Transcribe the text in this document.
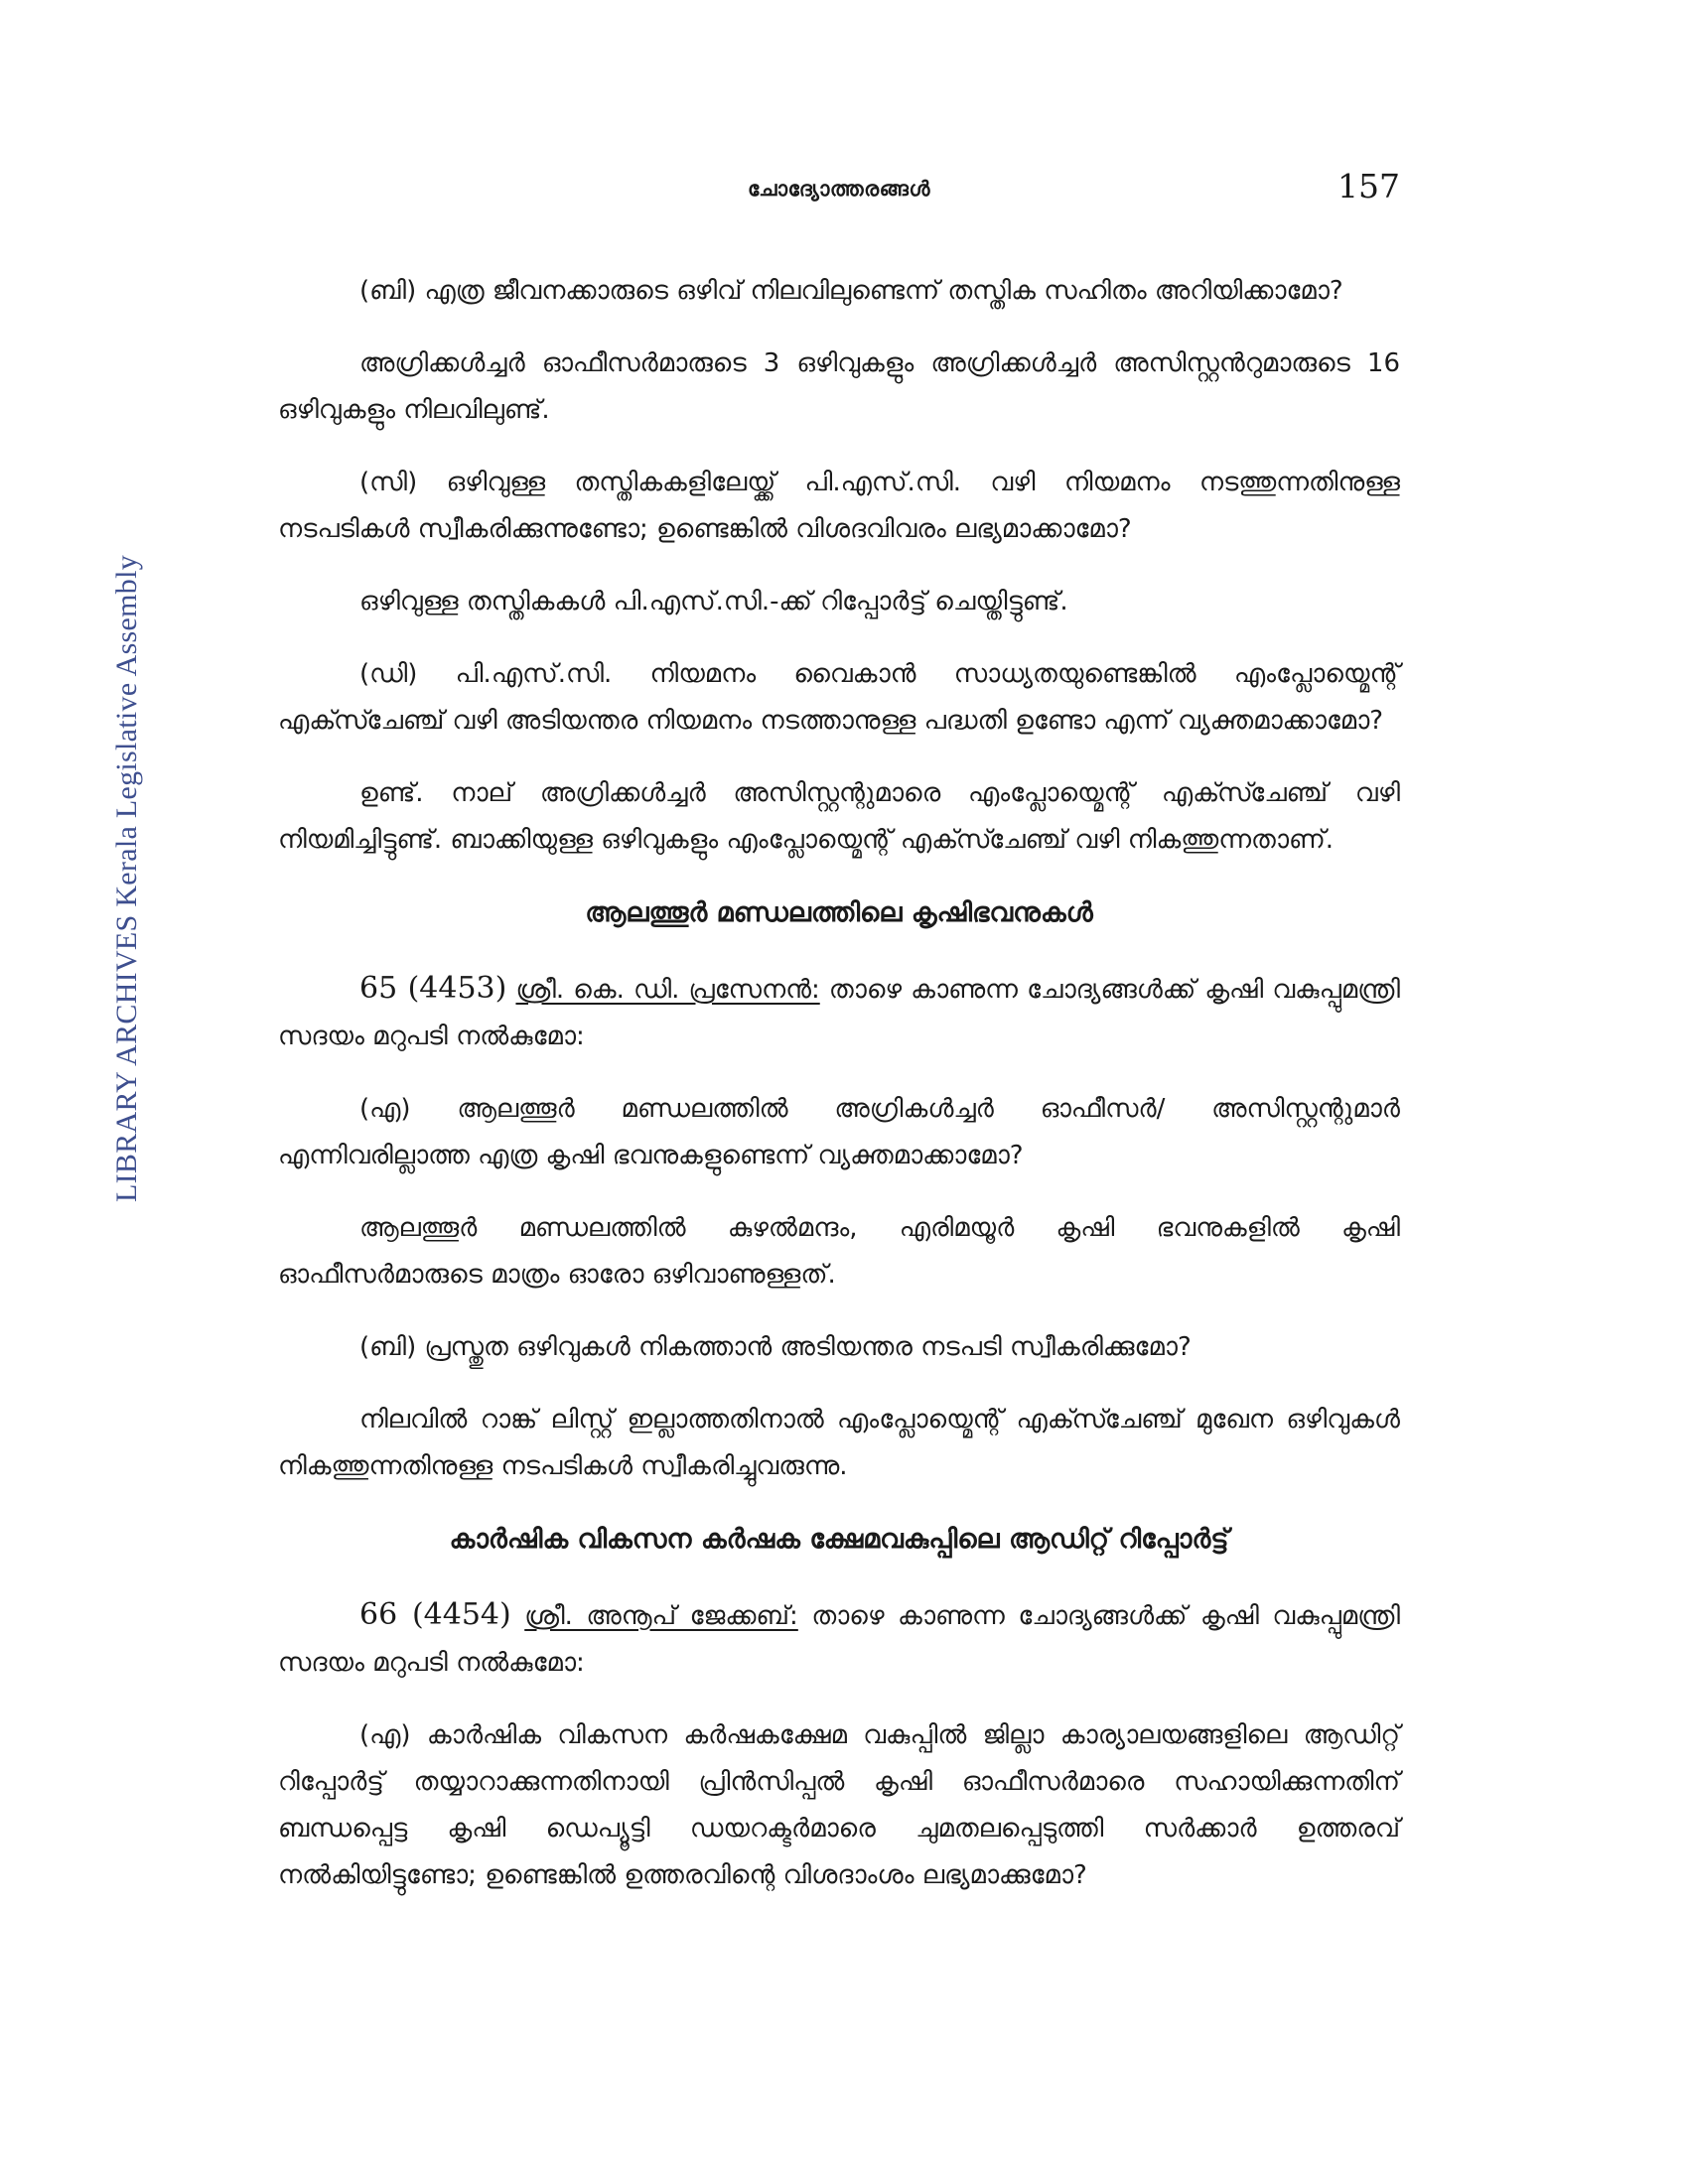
ചോദ്യോത്തരങ്ങൾ	157
LIBRARY ARCHIVES Kerala Legislative Assembly

(ബി) എത്ര ജീവനക്കാരുടെ ഒഴിവ് നിലവിലുണ്ടെന്ന് തസ്തിക സഹിതം അറിയിക്കാമോ?

അഗ്രിക്കൾച്ചർ ഓഫീസർമാരുടെ 3 ഒഴിവുകളും അഗ്രിക്കൾച്ചർ അസിസ്റ്റൻറുമാരുടെ 16 ഒഴിവുകളും നിലവിലുണ്ട്.

(സി) ഒഴിവുള്ള തസ്തികകളിലേയ്ക്ക് പി.എസ്.സി. വഴി നിയമനം നടത്തുന്നതിനുള്ള നടപടികൾ സ്വീകരിക്കുന്നുണ്ടോ; ഉണ്ടെങ്കിൽ വിശദവിവരം ലഭ്യമാക്കാമോ?

ഒഴിവുള്ള തസ്തികകൾ പി.എസ്.സി.-ക്ക് റിപ്പോർട്ട് ചെയ്തിട്ടുണ്ട്.

(ഡി) പി.എസ്.സി. നിയമനം വൈകാൻ സാധ്യതയുണ്ടെങ്കിൽ എംപ്ലോയ്മെന്റ് എക്സ്ചേഞ്ച് വഴി അടിയന്തര നിയമനം നടത്താനുള്ള പദ്ധതി ഉണ്ടോ എന്ന് വ്യക്തമാക്കാമോ?

ഉണ്ട്. നാല് അഗ്രിക്കൾച്ചർ അസിസ്റ്റന്റുമാരെ എംപ്ലോയ്മെന്റ് എക്സ്ചേഞ്ച് വഴി നിയമിച്ചിട്ടുണ്ട്. ബാക്കിയുള്ള ഒഴിവുകളും എംപ്ലോയ്മെന്റ് എക്സ്ചേഞ്ച് വഴി നികത്തുന്നതാണ്.

ആലത്തൂർ മണ്ഡലത്തിലെ കൃഷിഭവനുകൾ

65 (4453) ശ്രീ. കെ. ഡി. പ്രസേനൻ: താഴെ കാണുന്ന ചോദ്യങ്ങൾക്ക് കൃഷി വകുപ്പുമന്ത്രി സദയം മറുപടി നൽകുമോ:

(എ) ആലത്തൂർ മണ്ഡലത്തിൽ അഗ്രികൾച്ചർ ഓഫീസർ/ അസിസ്റ്റന്റുമാർ എന്നിവരില്ലാത്ത എത്ര കൃഷി ഭവനുകളുണ്ടെന്ന് വ്യക്തമാക്കാമോ?

ആലത്തൂർ മണ്ഡലത്തിൽ കുഴൽമന്ദം, എരിമയൂർ കൃഷി ഭവനുകളിൽ കൃഷി ഓഫീസർമാരുടെ മാത്രം ഓരോ ഒഴിവാണുള്ളത്.

(ബി) പ്രസ്തുത ഒഴിവുകൾ നികത്താൻ അടിയന്തര നടപടി സ്വീകരിക്കുമോ?

നിലവിൽ റാങ്ക് ലിസ്റ്റ് ഇല്ലാത്തതിനാൽ എംപ്ലോയ്മെന്റ് എക്സ്ചേഞ്ച് മുഖേന ഒഴിവുകൾ നികത്തുന്നതിനുള്ള നടപടികൾ സ്വീകരിച്ചുവരുന്നു.

കാർഷിക വികസന കർഷക ക്ഷേമവകുപ്പിലെ ആഡിറ്റ് റിപ്പോർട്ട്

66 (4454) ശ്രീ. അനൂപ് ജേക്കബ്: താഴെ കാണുന്ന ചോദ്യങ്ങൾക്ക് കൃഷി വകുപ്പുമന്ത്രി സദയം മറുപടി നൽകുമോ:

(എ) കാർഷിക വികസന കർഷകക്ഷേമ വകുപ്പിൽ ജില്ലാ കാര്യാലയങ്ങളിലെ ആഡിറ്റ് റിപ്പോർട്ട് തയ്യാറാക്കുന്നതിനായി പ്രിൻസിപ്പൽ കൃഷി ഓഫീസർമാരെ സഹായിക്കുന്നതിന് ബന്ധപ്പെട്ട കൃഷി ഡെപ്യൂട്ടി ഡയറക്ടർമാരെ ചുമതലപ്പെടുത്തി സർക്കാർ ഉത്തരവ് നൽകിയിട്ടുണ്ടോ; ഉണ്ടെങ്കിൽ ഉത്തരവിന്റെ വിശദാംശം ലഭ്യമാക്കുമോ?
